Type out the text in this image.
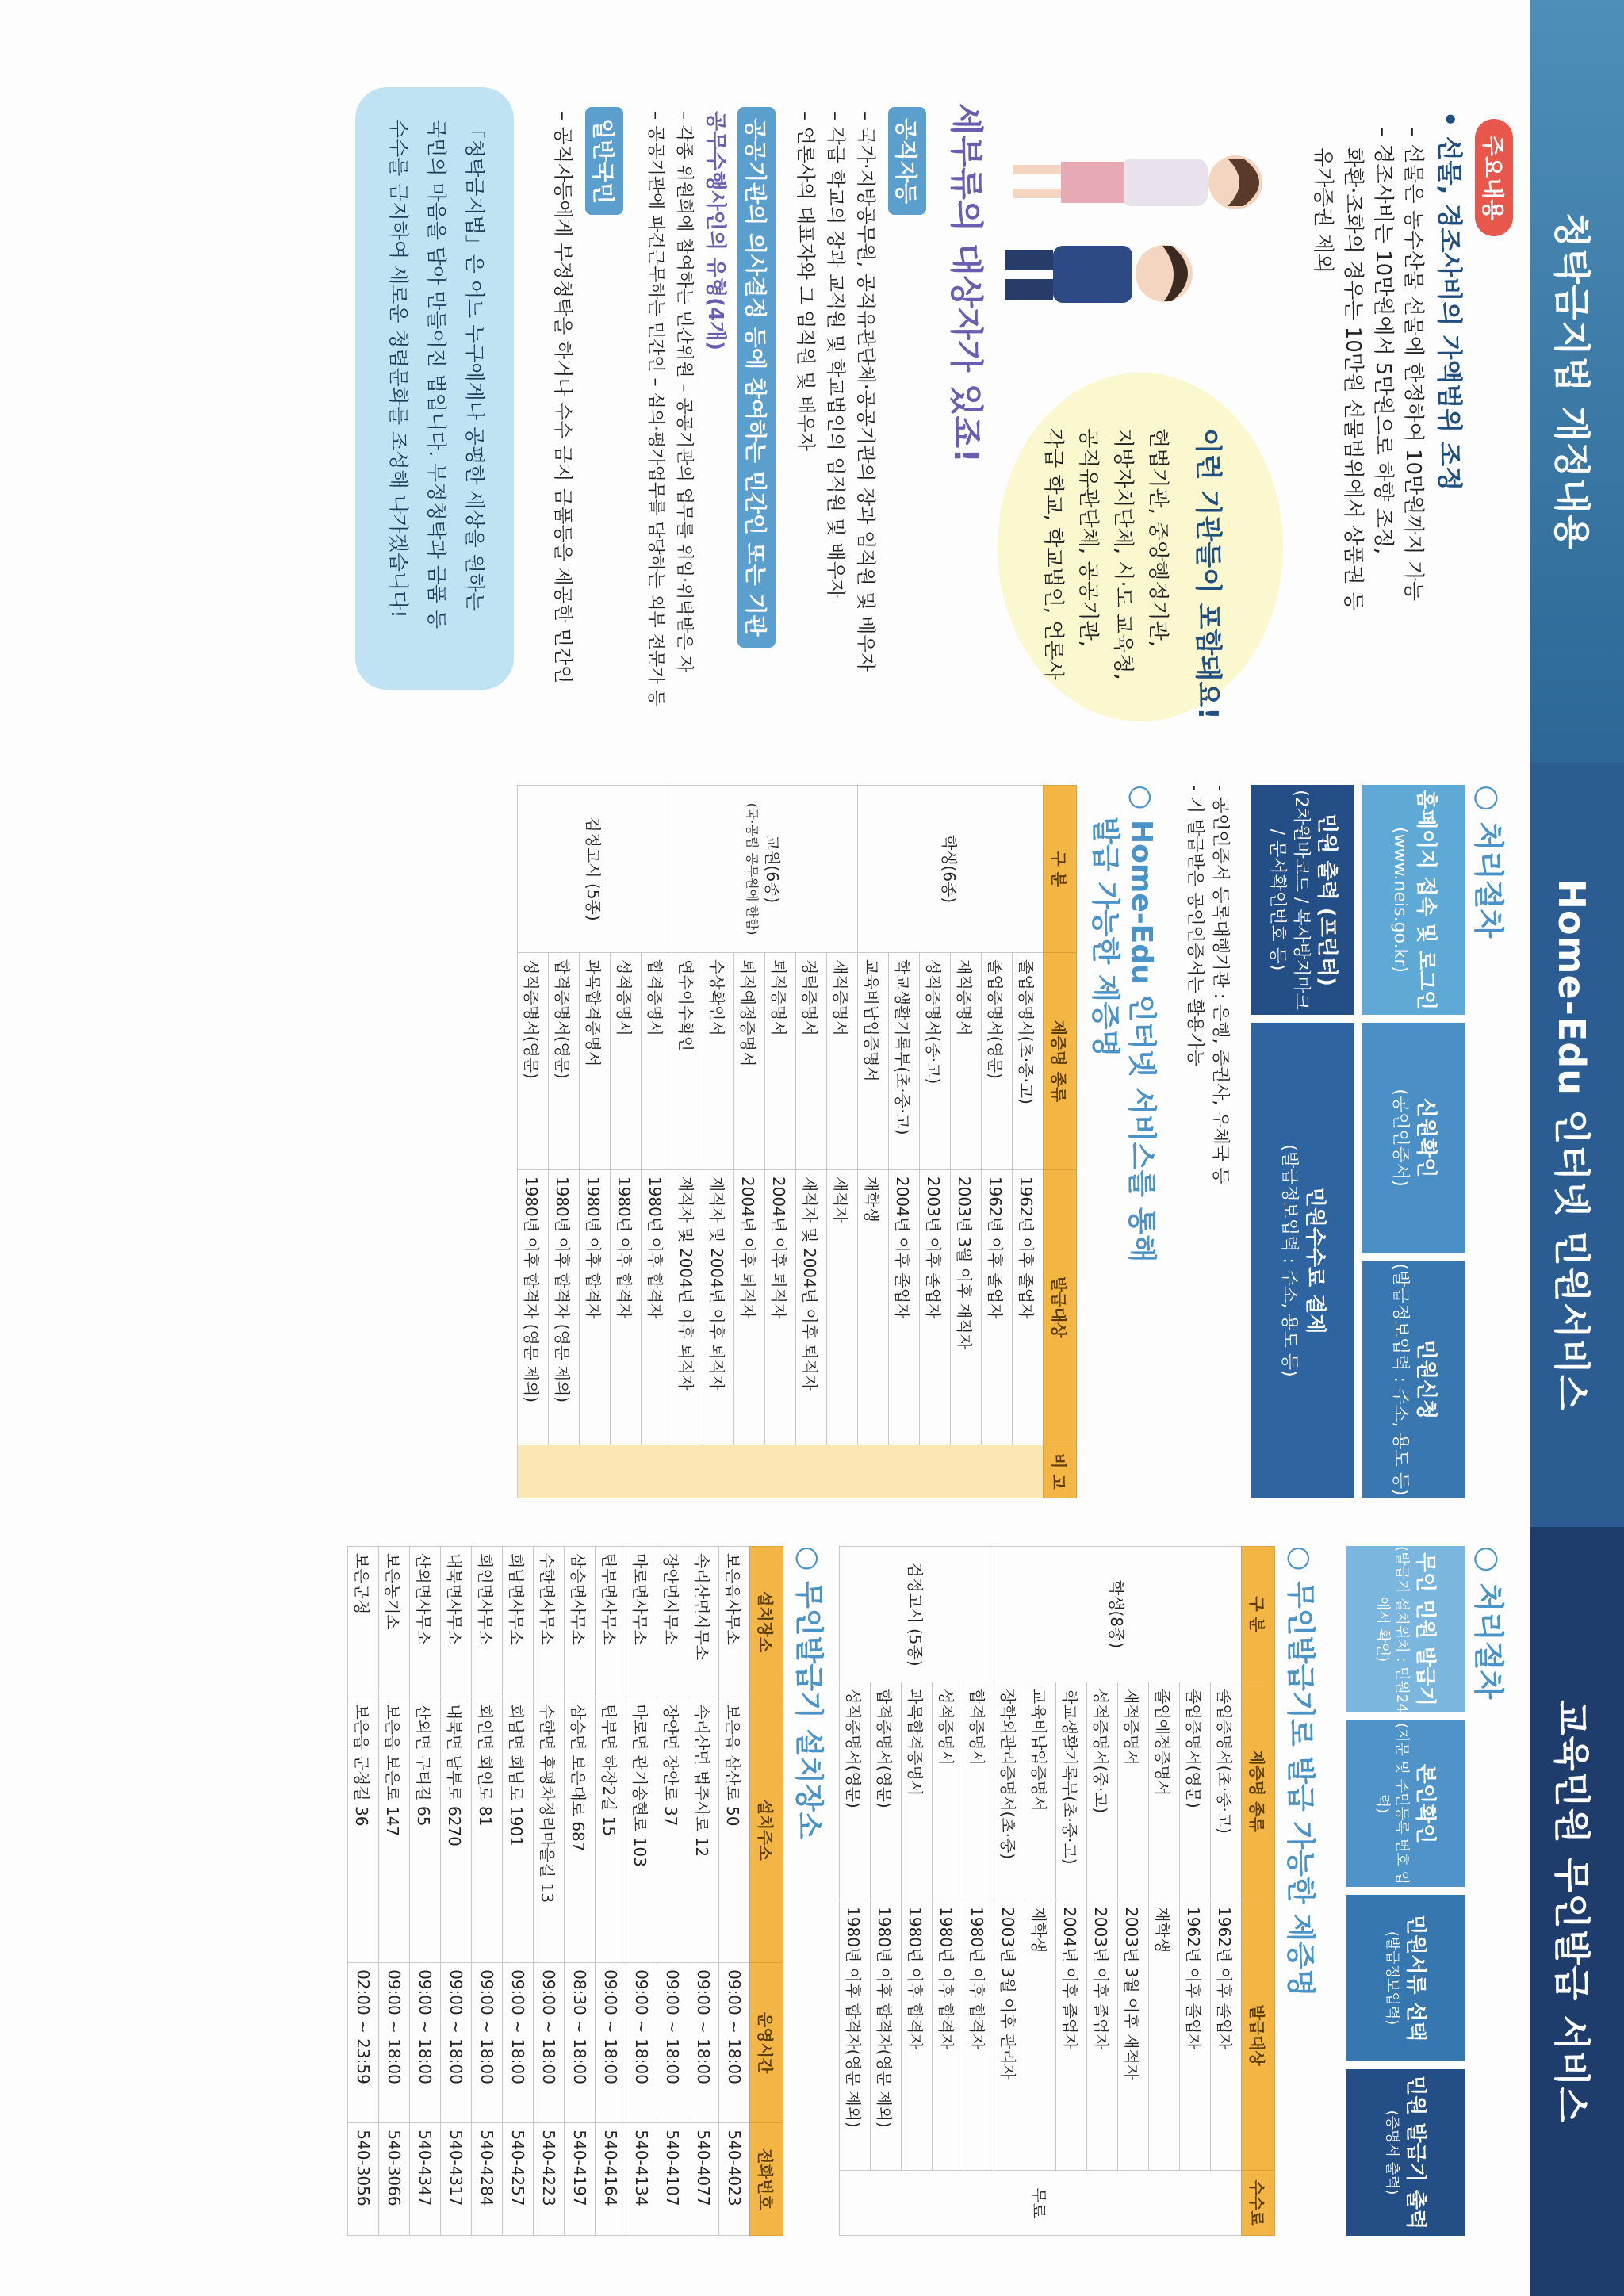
청탁금지법 개정내용
Home-Edu 인터넷 민원서비스
교육민원 무인발급 서비스
주요내용
• 선물, 경조사비의 가액범위 조정
– 선물은 농수산물 선물에 한정하여 10만원까지 가능
– 경조사비는 10만원에서 5만원으로 하향 조정,
화환·조화의 경우는 10만원 선물범위에서 상품권 등
유가증권 제외
이런 기관들이 포함돼요!
헌법기관, 중앙행정기관,
지방자치단체, 시·도 교육청,
공직유관단체, 공공기관,
각급 학교, 학교법인, 언론사
세부류의 대상자가 있죠!
공직자등
– 국가·지방공무원, 공직유관단체·공공기관의 장과 임직원 및 배우자
– 각급 학교의 장과 교직원 및 학교법인의 임직원 및 배우자
– 언론사의 대표자와 그 임직원 및 배우자
공공기관의 의사결정 등에 참여하는 민간인 또는 기관
공무수행사인의 유형(4개)
– 각종 위원회에 참여하는 민간위원 – 공공기관의 업무를 위임·위탁받은 자
– 공공기관에 파견근무하는 민간인 – 심의·평가업무를 담당하는 외부 전문가 등
일반국민
– 공직자등에게 부정청탁을 하거나 수수 금지 금품등을 제공한 민간인
「청탁금지법」은 어느 누구에게나 공평한 세상을 원하는
국민의 마음을 담아 만들어진 법입니다. 부정청탁과 금품 등
수수를 금지하여 새로운 청렴문화를 조성해 나가겠습니다!
○ 처리절차
홈페이지 접속 및 로그인
(www.neis.go.kr)
신원확인
(공인인증서)
민원신청
(발급정보입력 : 주소, 용도 등)
민원수수료 결제
(발급정보입력 : 주소, 용도 등)
민원 출력 (프린터)
(2차원바코드 / 복사방지마크 / 문서확인번호 등)
- 공인인증서 등록대행기관 : 은행, 증권사, 우체국 등
- 기 발급받은 공인인증서는 활용가능
○ Home-Edu 인터넷 서비스를 통해
발급 가능한 제증명
구 분	제증명 종류	발급대상	비 고

학생(6종)	졸업증명서(초·중·고)	1962년 이후 졸업자	
	졸업증명서(영문)	1962년 이후 졸업자	
	재적증명서	2003년 3월 이후 재적자	
	성적증명서(중·고)	2003년 이후 졸업자	
	학교생활기록부(초·중·고)	2004년 이후 졸업자	
	교육비납입증명서	재학생	

교원(6종)
(국·공립 공무원에 한함)	재직증명서	재직자	
	경력증명서	재직자 및 2004년 이후 퇴직자	
	퇴직증명서	2004년 이후 퇴직자	
	퇴직예정증명서	2004년 이후 퇴직자	
	수상확인서	재직자 및 2004년 이후 퇴직자	
	연수이수확인	재직자 및 2004년 이후 퇴직자	

검정고시 (5종)	합격증명서	1980년 이후 합격자	
	성적증명서	1980년 이후 합격자	
	과목합격증명서	1980년 이후 합격자	
	합격증명서(영문)	1980년 이후 합격자 (영문 제외)	
	성적증명서(영문)	1980년 이후 합격자 (영문 제외)	
○ 처리절차
무인 민원 발급기
(발급기 설치위치 : 민원24에서 확인)
본인확인
(지문 및 주민등록 번호 입력)
민원서류 선택
(발급정보입력)
민원 발급기 출력
(증명서 출력)
○ 무인발급기로 발급 가능한 제증명
구 분	제증명 종류	발급대상	수수료
학생(8종)	졸업증명서(초·중·고)	1962년 이후 졸업자	무료
	졸업증명서(영문)	1962년 이후 졸업자	
	졸업예정증명서	재학생	
	재적증명서	2003년 3월 이후 재적자	
	성적증명서(중·고)	2003년 이후 졸업자	
	학교생활기록부(초·중·고)	2004년 이후 졸업자	
	교육비납입증명서	재학생	
	장학외관리증명서(초·중)	2003년 3월 이후 관리자	
검정고시 (5종)	합격증명서	1980년 이후 합격자	
	성적증명서	1980년 이후 합격자	
	과목합격증명서	1980년 이후 합격자	
	합격증명서(영문)	1980년 이후 합격자(영문 제외)	
	성적증명서(영문)	1980년 이후 합격자(영문 제외)	
○ 무인발급기 설치장소
설치장소	설치주소	운영시간	전화번호
보은읍사무소	보은읍 삼산로 50	09:00 ~ 18:00	540-4023
속리산면사무소	속리산면 법주사로 12	09:00 ~ 18:00	540-4077
장안면사무소	장안면 장안로 37	09:00 ~ 18:00	540-4107
마로면사무소	마로면 관기송현로 103	09:00 ~ 18:00	540-4134
탄부면사무소	탄부면 하장2길 15	09:00 ~ 18:00	540-4164
삼승면사무소	삼승면 보은대로 687	08:30 ~ 18:00	540-4197
수한면사무소	수한면 후평차정리마을길 13	09:00 ~ 18:00	540-4223
회남면사무소	회남면 회남로 1901	09:00 ~ 18:00	540-4257
회인면사무소	회인면 회인로 81	09:00 ~ 18:00	540-4284
내북면사무소	내북면 남부로 6270	09:00 ~ 18:00	540-4317
산외면사무소	산외면 구티길 65	09:00 ~ 18:00	540-4347
보은농기소	보은읍 보은로 147	09:00 ~ 18:00	540-3066
보은군청	보은읍 군청길 36	02:00 ~ 23:59	540-3056
